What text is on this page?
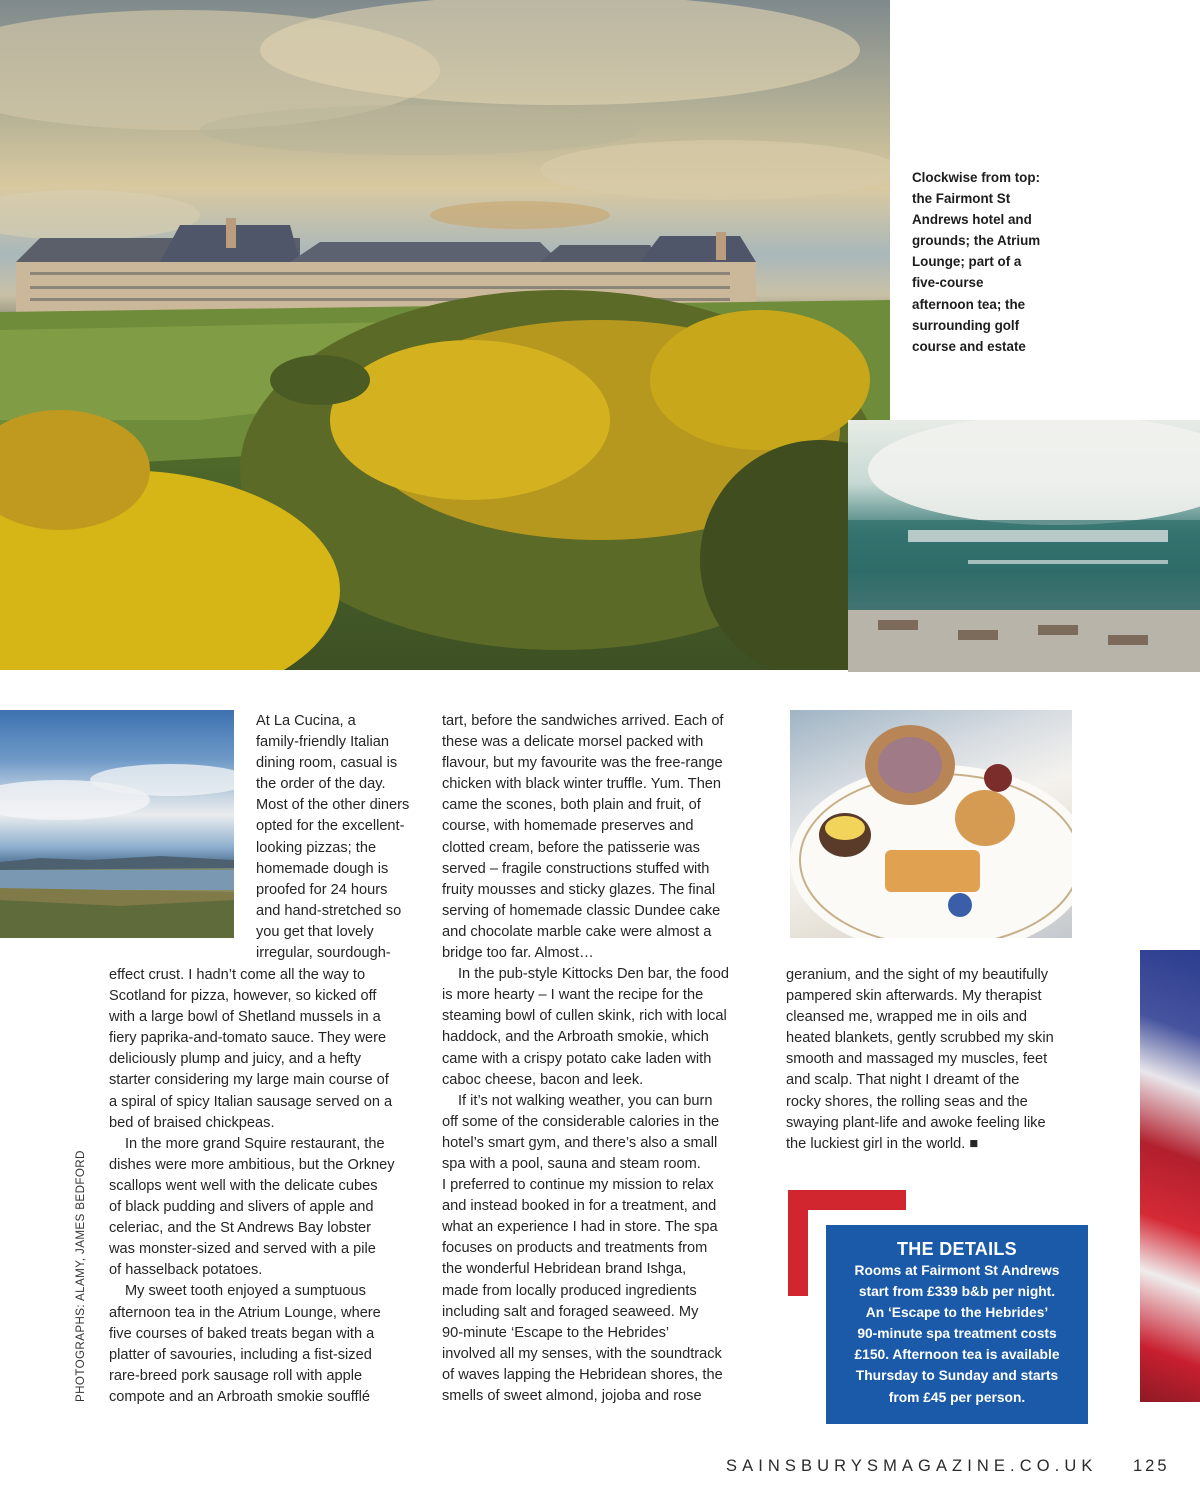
Clockwise from top:
the Fairmont St
Andrews hotel and
grounds; the Atrium
Lounge; part of a
five-course
afternoon tea; the
surrounding golf
course and estate
At La Cucina, a
family-friendly Italian
dining room, casual is
the order of the day.
Most of the other diners
opted for the excellent-
looking pizzas; the
homemade dough is
proofed for 24 hours
and hand-stretched so
you get that lovely
irregular, sourdough-
effect crust. I hadn’t come all the way to
Scotland for pizza, however, so kicked off
with a large bowl of Shetland mussels in a
fiery paprika-and-tomato sauce. They were
deliciously plump and juicy, and a hefty
starter considering my large main course of
a spiral of spicy Italian sausage served on a
bed of braised chickpeas.
In the more grand Squire restaurant, the
dishes were more ambitious, but the Orkney
scallops went well with the delicate cubes
of black pudding and slivers of apple and
celeriac, and the St Andrews Bay lobster
was monster-sized and served with a pile
of hasselback potatoes.
My sweet tooth enjoyed a sumptuous
afternoon tea in the Atrium Lounge, where
five courses of baked treats began with a
platter of savouries, including a fist-sized
rare-breed pork sausage roll with apple
compote and an Arbroath smokie soufflé
tart, before the sandwiches arrived. Each of
these was a delicate morsel packed with
flavour, but my favourite was the free-range
chicken with black winter truffle. Yum. Then
came the scones, both plain and fruit, of
course, with homemade preserves and
clotted cream, before the patisserie was
served – fragile constructions stuffed with
fruity mousses and sticky glazes. The final
serving of homemade classic Dundee cake
and chocolate marble cake were almost a
bridge too far. Almost…
In the pub-style Kittocks Den bar, the food
is more hearty – I want the recipe for the
steaming bowl of cullen skink, rich with local
haddock, and the Arbroath smokie, which
came with a crispy potato cake laden with
caboc cheese, bacon and leek.
If it’s not walking weather, you can burn
off some of the considerable calories in the
hotel’s smart gym, and there’s also a small
spa with a pool, sauna and steam room.
I preferred to continue my mission to relax
and instead booked in for a treatment, and
what an experience I had in store. The spa
focuses on products and treatments from
the wonderful Hebridean brand Ishga,
made from locally produced ingredients
including salt and foraged seaweed. My
90-minute ‘Escape to the Hebrides’
involved all my senses, with the soundtrack
of waves lapping the Hebridean shores, the
smells of sweet almond, jojoba and rose
geranium, and the sight of my beautifully
pampered skin afterwards. My therapist
cleansed me, wrapped me in oils and
heated blankets, gently scrubbed my skin
smooth and massaged my muscles, feet
and scalp. That night I dreamt of the
rocky shores, the rolling seas and the
swaying plant-life and awoke feeling like
the luckiest girl in the world. ■
PHOTOGRAPHS: ALAMY, JAMES BEDFORD	THE DETAILS
Rooms at Fairmont St Andrews
start from £339 b&b per night.
An ‘Escape to the Hebrides’
90-minute spa treatment costs
£150. Afternoon tea is available
Thursday to Sunday and starts
from £45 per person.
SAINSBURYSMAGAZINE.CO.UK 125
